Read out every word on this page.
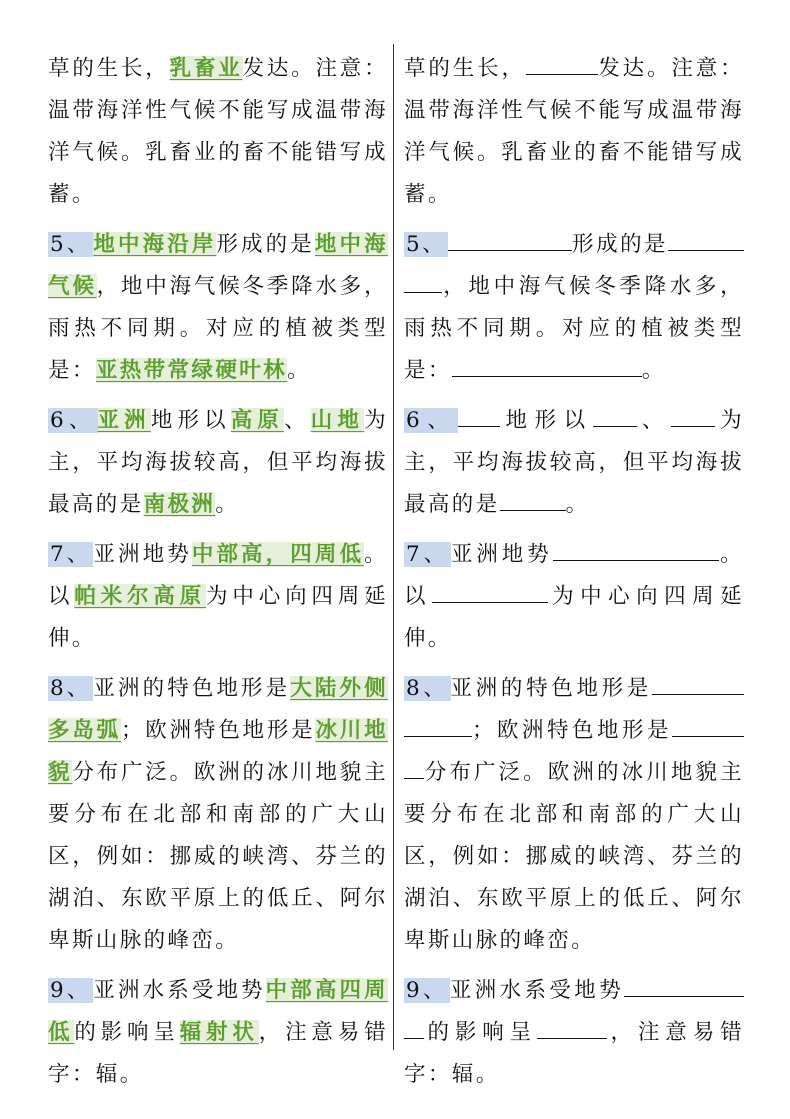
草的生长，乳畜业发达。注意：温带海洋性气候不能写成温带海洋气候。乳畜业的畜不能错写成蓄。

5、地中海沿岸形成的是地中海气候，地中海气候冬季降水多，雨热不同期。对应的植被类型是：亚热带常绿硬叶林。

6、亚洲地形以高原、山地为主，平均海拔较高，但平均海拔最高的是南极洲。

7、亚洲地势中部高，四周低。以帕米尔高原为中心向四周延伸。

8、亚洲的特色地形是大陆外侧多岛弧；欧洲特色地形是冰川地貌分布广泛。欧洲的冰川地貌主要分布在北部和南部的广大山区，例如：挪威的峡湾、芬兰的湖泊、东欧平原上的低丘、阿尔卑斯山脉的峰峦。

9、亚洲水系受地势中部高四周低的影响呈辐射状，注意易错字：辐。

草的生长，	发达。注意：温带海洋性气候不能写成温带海洋气候。乳畜业的畜不能错写成蓄。

5、	形成的是，地中海气候冬季降水多，雨热不同期。对应的植被类型是：	。

6、 地形以 、 为主，平均海拔较高，但平均海拔最高的是	。

7、亚洲地势	。以	为中心向四周延伸。

8、亚洲的特色地形是；欧洲特色地形是分布广泛。欧洲的冰川地貌主要分布在北部和南部的广大山区，例如：挪威的峡湾、芬兰的湖泊、东欧平原上的低丘、阿尔卑斯山脉的峰峦。

9、亚洲水系受地势的影响呈	，注意易错字：辐。
